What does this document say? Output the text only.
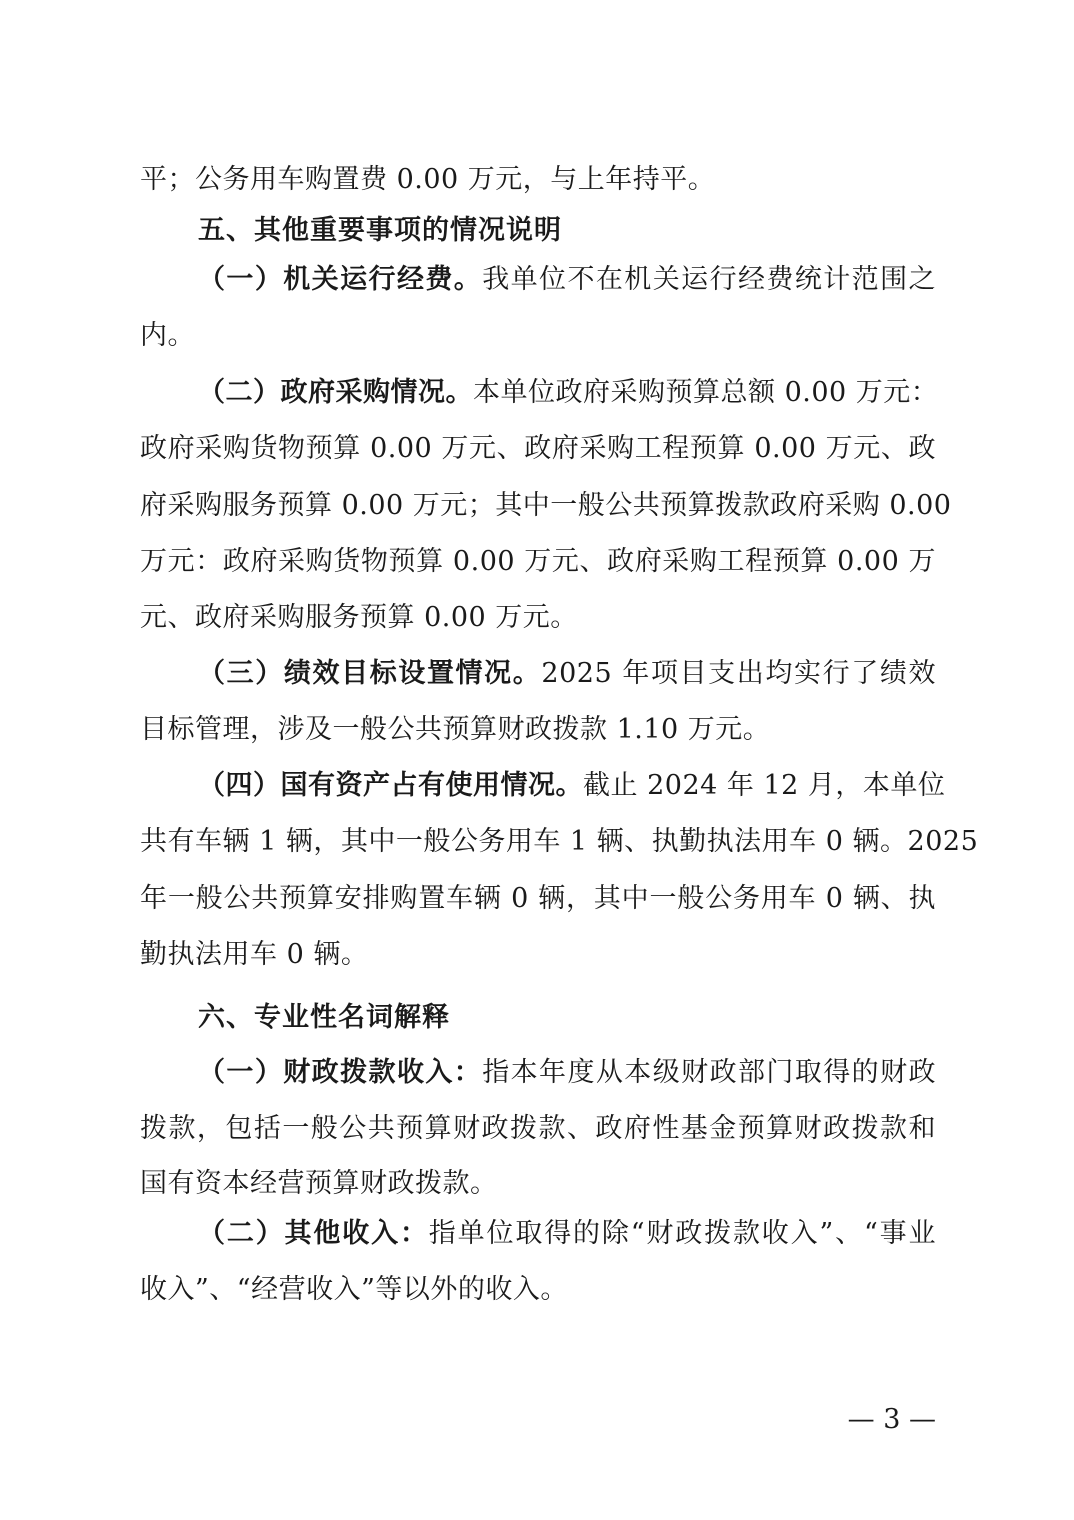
平；公务用车购置费 0.00 万元，与上年持平。
五、其他重要事项的情况说明
（一）机关运行经费。我单位不在机关运行经费统计范围之
内。
（二）政府采购情况。本单位政府采购预算总额 0.00 万元：
政府采购货物预算 0.00 万元、政府采购工程预算 0.00 万元、政
府采购服务预算 0.00 万元；其中一般公共预算拨款政府采购 0.00
万元：政府采购货物预算 0.00 万元、政府采购工程预算 0.00 万
元、政府采购服务预算 0.00 万元。
（三）绩效目标设置情况。2025 年项目支出均实行了绩效
目标管理，涉及一般公共预算财政拨款 1.10 万元。
（四）国有资产占有使用情况。截止 2024 年 12 月，本单位
共有车辆 1 辆，其中一般公务用车 1 辆、执勤执法用车 0 辆。2025
年一般公共预算安排购置车辆 0 辆，其中一般公务用车 0 辆、执
勤执法用车 0 辆。
六、专业性名词解释
（一）财政拨款收入：指本年度从本级财政部门取得的财政
拨款，包括一般公共预算财政拨款、政府性基金预算财政拨款和
国有资本经营预算财政拨款。
（二）其他收入：指单位取得的除“财政拨款收入”、“事业
收入”、“经营收入”等以外的收入。
— 3 —
